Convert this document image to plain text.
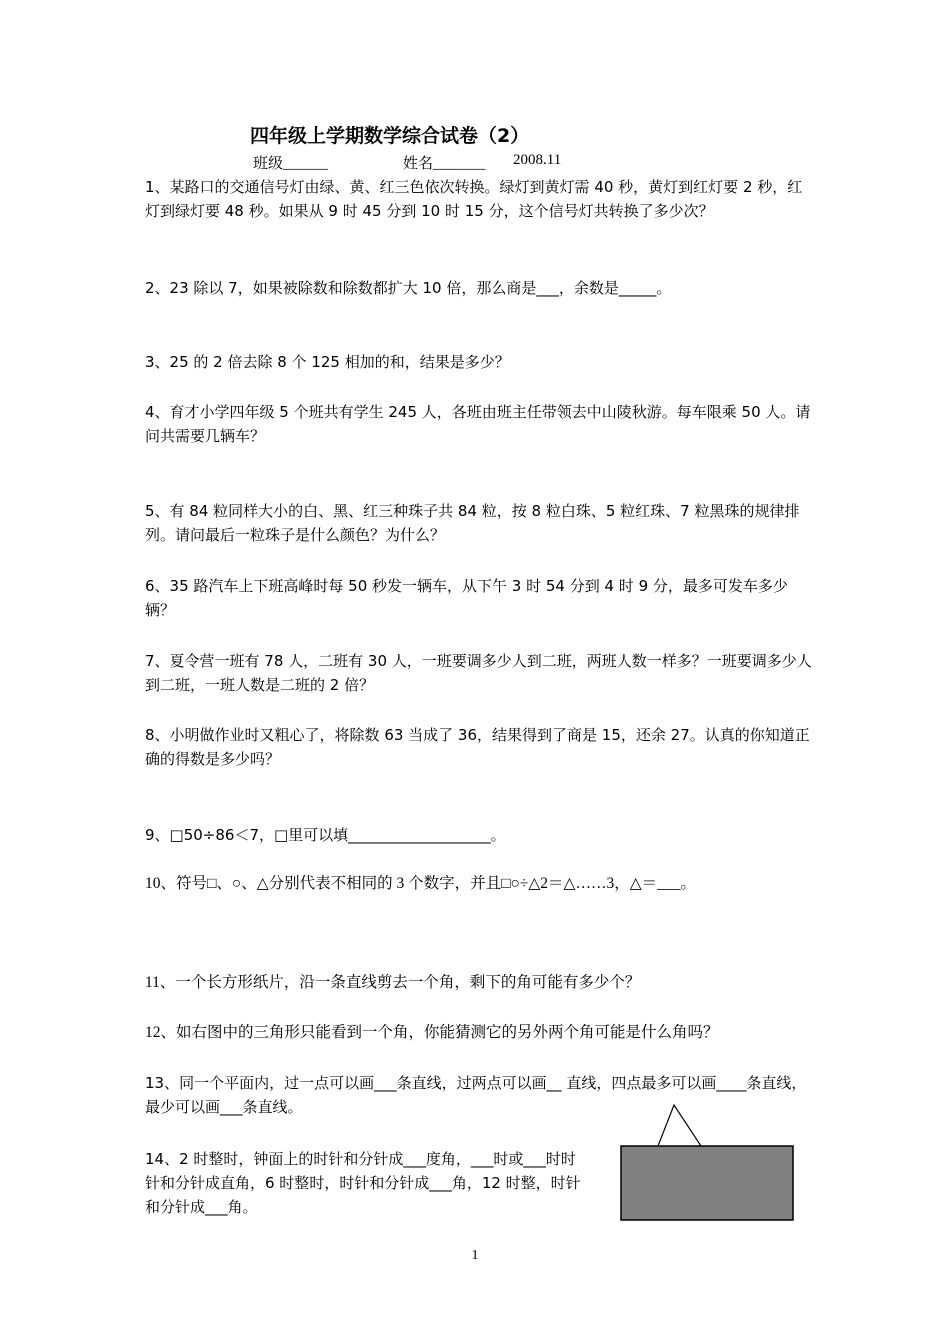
四年级上学期数学综合试卷（2）
班级______	姓名_______ 2008.11
1、某路口的交通信号灯由绿、黄、红三色依次转换。绿灯到黄灯需 40 秒，黄灯到红灯要 2 秒，红灯到绿灯要 48 秒。如果从 9 时 45 分到 10 时 15 分，这个信号灯共转换了多少次？
2、23 除以 7，如果被除数和除数都扩大 10 倍，那么商是___，余数是_____。
3、25 的 2 倍去除 8 个 125 相加的和，结果是多少？
4、育才小学四年级 5 个班共有学生 245 人，各班由班主任带领去中山陵秋游。每车限乘 50 人。请问共需要几辆车？
5、有 84 粒同样大小的白、黑、红三种珠子共 84 粒，按 8 粒白珠、5 粒红珠、7 粒黑珠的规律排列。请问最后一粒珠子是什么颜色？为什么？
6、35 路汽车上下班高峰时每 50 秒发一辆车，从下午 3 时 54 分到 4 时 9 分，最多可发车多少辆？
7、夏令营一班有 78 人，二班有 30 人，一班要调多少人到二班，两班人数一样多？一班要调多少人到二班，一班人数是二班的 2 倍？
8、小明做作业时又粗心了，将除数 63 当成了 36，结果得到了商是 15，还余 27。认真的你知道正确的得数是多少吗？
9、□50÷86＜7，□里可以填___________________。
10、符号□、○、△分别代表不相同的 3 个数字，并且□○÷△2＝△……3，△＝___。
11、一个长方形纸片，沿一条直线剪去一个角，剩下的角可能有多少个？
12、如右图中的三角形只能看到一个角，你能猜测它的另外两个角可能是什么角吗？
13、同一个平面内，过一点可以画___条直线，过两点可以画__ 直线，四点最多可以画____条直线，最少可以画___条直线。
14、2 时整时，钟面上的时针和分针成___度角，___时或___时时针和分针成直角，6 时整时，时针和分针成___角，12 时整，时针和分针成___角。
1
